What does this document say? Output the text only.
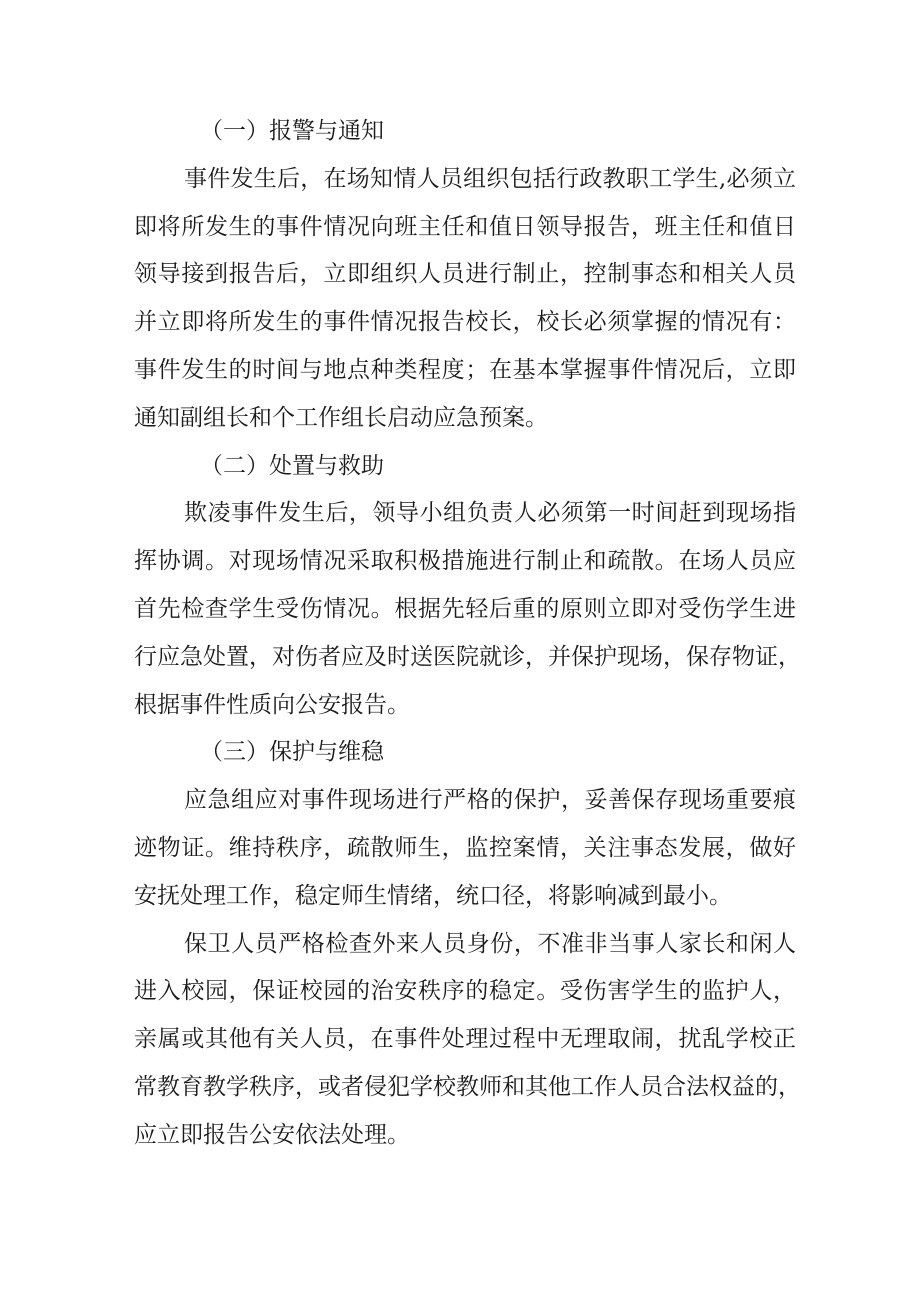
（一）报警与通知
事件发生后，在场知情人员组织包括行政教职工学生,必须立
即将所发生的事件情况向班主任和值日领导报告，班主任和值日
领导接到报告后，立即组织人员进行制止，控制事态和相关人员
并立即将所发生的事件情况报告校长，校长必须掌握的情况有：
事件发生的时间与地点种类程度；在基本掌握事件情况后，立即
通知副组长和个工作组长启动应急预案。
（二）处置与救助
欺凌事件发生后，领导小组负责人必须第一时间赶到现场指
挥协调。对现场情况采取积极措施进行制止和疏散。在场人员应
首先检查学生受伤情况。根据先轻后重的原则立即对受伤学生进
行应急处置，对伤者应及时送医院就诊，并保护现场，保存物证，
根据事件性质向公安报告。
（三）保护与维稳
应急组应对事件现场进行严格的保护，妥善保存现场重要痕
迹物证。维持秩序，疏散师生，监控案情，关注事态发展，做好
安抚处理工作，稳定师生情绪，统口径，将影响减到最小。
保卫人员严格检查外来人员身份，不准非当事人家长和闲人
进入校园，保证校园的治安秩序的稳定。受伤害学生的监护人，
亲属或其他有关人员，在事件处理过程中无理取闹，扰乱学校正
常教育教学秩序，或者侵犯学校教师和其他工作人员合法权益的，
应立即报告公安依法处理。
